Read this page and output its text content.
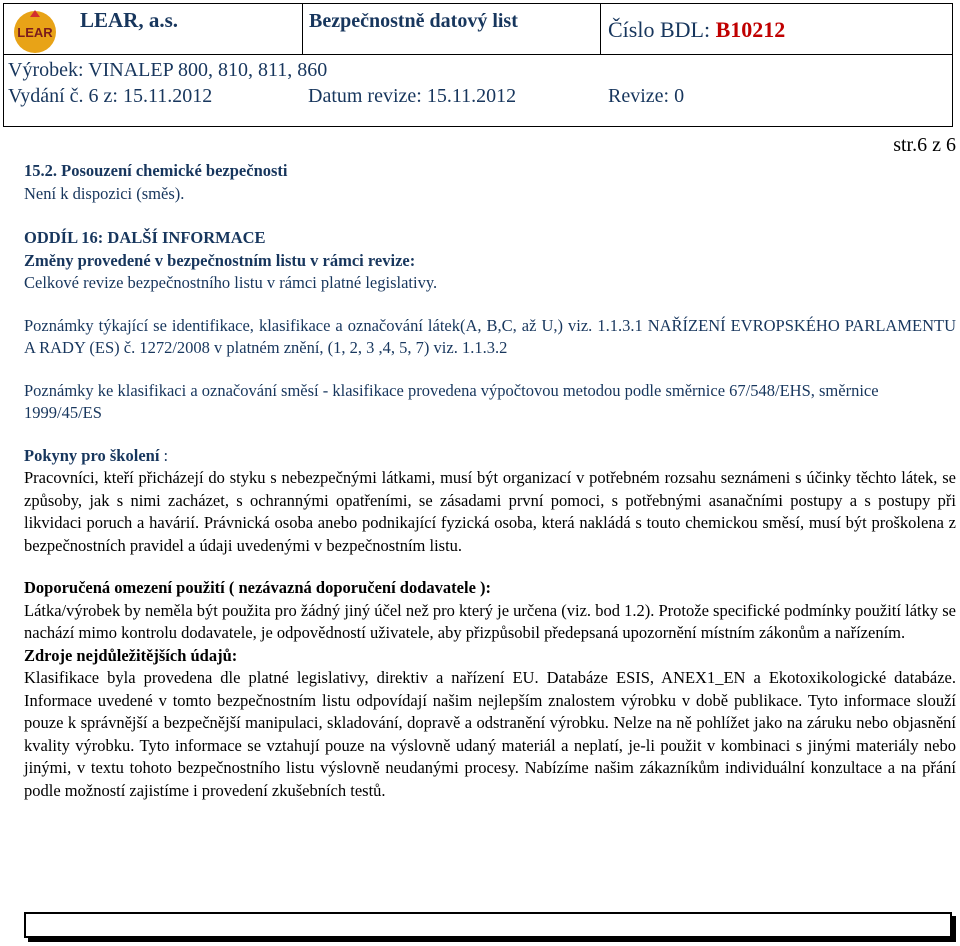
LEAR
LEAR, a.s.	Bezpečnostně datový list	Číslo BDL: B10212
Výrobek: VINALEP 800, 810, 811, 860
Vydání č. 6 z: 15.11.2012	Datum revize: 15.11.2012	Revize: 0
str.6 z 6

15.2. Posouzení chemické bezpečnosti

Není k dispozici (směs).

ODDÍL 16: DALŠÍ INFORMACE

Změny provedené v bezpečnostním listu v rámci revize:

Celkové revize bezpečnostního listu v rámci platné legislativy.

Poznámky týkající se identifikace, klasifikace a označování látek(A, B,C, až U,) viz. 1.1.3.1 NAŘÍZENÍ EVROPSKÉHO PARLAMENTU A RADY (ES) č. 1272/2008 v platném znění, (1, 2, 3 ,4, 5, 7) viz. 1.1.3.2

Poznámky ke klasifikaci a označování směsí - klasifikace provedena výpočtovou metodou podle směrnice 67/548/EHS, směrnice 1999/45/ES

Pokyny pro školení :

Pracovníci, kteří přicházejí do styku s nebezpečnými látkami, musí být organizací v potřebném rozsahu seznámeni s účinky těchto látek, se způsoby, jak s nimi zacházet, s ochrannými opatřeními, se zásadami první pomoci, s potřebnými asanačními postupy a s postupy při likvidaci poruch a havárií. Právnická osoba anebo podnikající fyzická osoba, která nakládá s touto chemickou směsí, musí být proškolena z bezpečnostních pravidel a údaji uvedenými v bezpečnostním listu.

Doporučená omezení použití ( nezávazná doporučení dodavatele ):

Látka/výrobek by neměla být použita pro žádný jiný účel než pro který je určena (viz. bod 1.2). Protože specifické podmínky použití látky se nachází mimo kontrolu dodavatele, je odpovědností uživatele, aby přizpůsobil předepsaná upozornění místním zákonům a nařízením.

Zdroje nejdůležitějších údajů:

Klasifikace byla provedena dle platné legislativy, direktiv a nařízení EU. Databáze ESIS, ANEX1_EN a Ekotoxikologické databáze. Informace uvedené v tomto bezpečnostním listu odpovídají našim nejlepším znalostem výrobku v době publikace. Tyto informace slouží pouze k správnější a bezpečnější manipulaci, skladování, dopravě a odstranění výrobku. Nelze na ně pohlížet jako na záruku nebo objasnění kvality výrobku. Tyto informace se vztahují pouze na výslovně udaný materiál a neplatí, je-li použit v kombinaci s jinými materiály nebo jinými, v textu tohoto bezpečnostního listu výslovně neudanými procesy. Nabízíme našim zákazníkům individuální konzultace a na přání podle možností zajistíme i provedení zkušebních testů.
